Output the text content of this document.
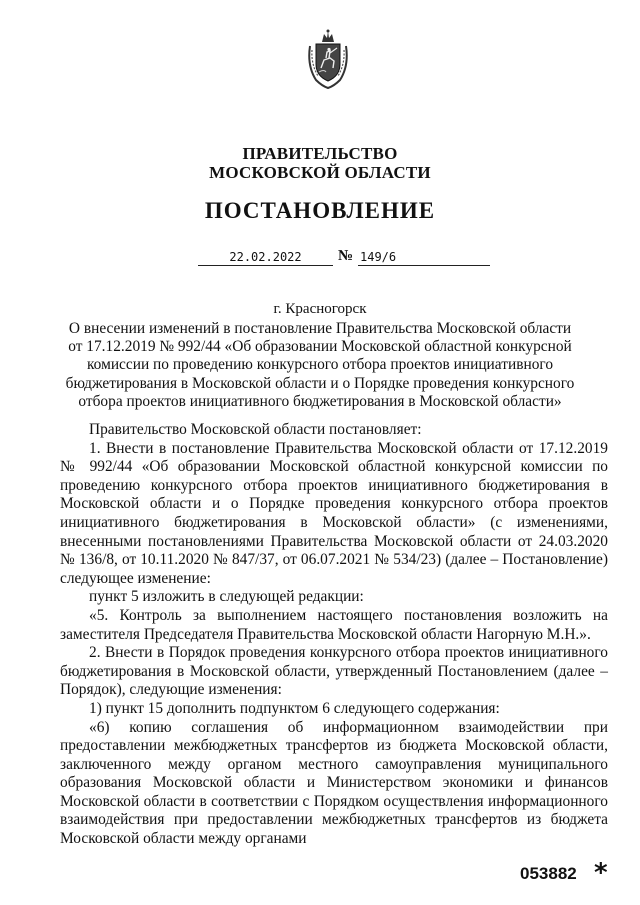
ПРАВИТЕЛЬСТВО
МОСКОВСКОЙ ОБЛАСТИ
ПОСТАНОВЛЕНИЕ
22.02.2022	№ 149/6
г. Красногорск
О внесении изменений в постановление Правительства Московской области от 17.12.2019 № 992/44 «Об образовании Московской областной конкурсной комиссии по проведению конкурсного отбора проектов инициативного бюджетирования в Московской области и о Порядке проведения конкурсного отбора проектов инициативного бюджетирования в Московской области»

Правительство Московской области постановляет:

1. Внести в постановление Правительства Московской области от 17.12.2019 № 992/44 «Об образовании Московской областной конкурсной комиссии по проведению конкурсного отбора проектов инициативного бюджетирования в Московской области и о Порядке проведения конкурсного отбора проектов инициативного бюджетирования в Московской области» (с изменениями, внесенными постановлениями Правительства Московской области от 24.03.2020 № 136/8, от 10.11.2020 № 847/37, от 06.07.2021 № 534/23) (далее – Постановление) следующее изменение:

пункт 5 изложить в следующей редакции:

«5. Контроль за выполнением настоящего постановления возложить на заместителя Председателя Правительства Московской области Нагорную М.Н.».

2. Внести в Порядок проведения конкурсного отбора проектов инициативного бюджетирования в Московской области, утвержденный Постановлением (далее – Порядок), следующие изменения:

1) пункт 15 дополнить подпунктом 6 следующего содержания:

«6) копию соглашения об информационном взаимодействии при предоставлении межбюджетных трансфертов из бюджета Московской области, заключенного между органом местного самоуправления муниципального образования Московской области и Министерством экономики и финансов Московской области в соответствии с Порядком осуществления информационного взаимодействия при предоставлении межбюджетных трансфертов из бюджета Московской области между органами

053882 *
